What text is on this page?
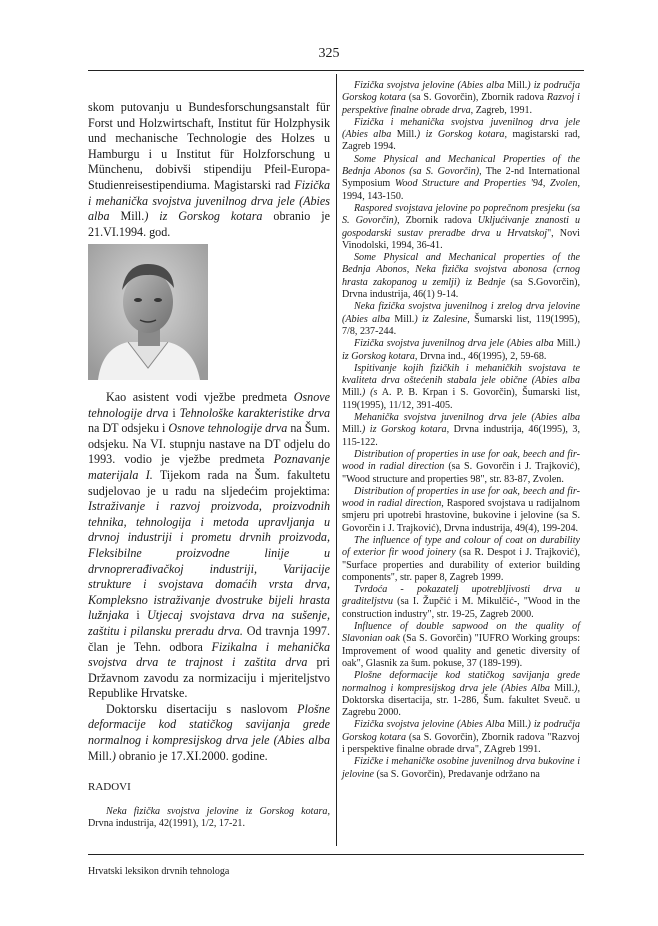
325

skom putovanju u Bundesforschungsanstalt für Forst und Holzwirtschaft, Institut für Holzphysik und mechanische Technologie des Holzes u Hamburgu i u Institut für Holzforschung u Münchenu, dobivši stipendiju Pfeil-Europa-Studienreisestipendiuma. Magistarski rad Fizička i mehanička svojstva juvenilnog drva jele (Abies alba Mill.) iz Gorskog kotara obranio je 21.VI.1994. god.

Kao asistent vodi vježbe predmeta Osnove tehnologije drva i Tehnološke karakteristike drva na DT odsjeku i Osnove tehnologije drva na Šum. odsjeku. Na VI. stupnju nastave na DT odjelu do 1993. vodio je vježbe predmeta Poznavanje materijala I. Tijekom rada na Šum. fakultetu sudjelovao je u radu na sljedećim projektima: Istraživanje i razvoj proizvoda, proizvodnih tehnika, tehnologija i metoda upravljanja u drvnoj industriji i prometu drvnih proizvoda, Fleksibilne proizvodne linije u drvnoprerađivačkoj industriji, Varijacije strukture i svojstava domaćih vrsta drva, Kompleksno istraživanje dvostruke bijeli hrasta lužnjaka i Utjecaj svojstava drva na sušenje, zaštitu i pilansku preradu drva. Od travnja 1997. član je Tehn. odbora Fizikalna i mehanička svojstva drva te trajnost i zaštita drva pri Državnom zavodu za normizaciju i mjeriteljstvo Republike Hrvatske.

Doktorsku disertaciju s naslovom Plošne deformacije kod statičkog savijanja grede normalnog i kompresijskog drva jele (Abies alba Mill.) obranio je 17.XI.2000. godine.

RADOVI

Neka fizička svojstva jelovine iz Gorskog kotara, Drvna industrija, 42(1991), 1/2, 17-21.

Fizička svojstva jelovine (Abies alba Mill.) iz područja Gorskog kotara (sa S. Govorčin), Zbornik radova Razvoj i perspektive finalne obrade drva, Zagreb, 1991.

Fizička i mehanička svojstva juvenilnog drva jele (Abies alba Mill.) iz Gorskog kotara, magistarski rad, Zagreb 1994.

Some Physical and Mechanical Properties of the Bednja Abonos (sa S. Govorčin), The 2-nd International Symposium Wood Structure and Properties '94, Zvolen, 1994, 143-150.

Raspored svojstava jelovine po poprečnom presjeku (sa S. Govorčin), Zbornik radova Ukljućivanje znanosti u gospodarski sustav preradbe drva u Hrvatskoj", Novi Vinodolski, 1994, 36-41.

Some Physical and Mechanical properties of the Bednja Abonos, Neka fizička svojstva abonosa (crnog hrasta zakopanog u zemlji) iz Bednje (sa S.Govorčin), Drvna industrija, 46(1) 9-14.

Neka fizička svojstva juvenilnog i zrelog drva jelovine (Abies alba Mill.) iz Zalesine, Šumarski list, 119(1995), 7/8, 237-244.

Fizička svojstva juvenilnog drva jele (Abies alba Mill.) iz Gorskog kotara, Drvna ind., 46(1995), 2, 59-68.

Ispitivanje kojih fizičkih i mehaničkih svojstava te kvaliteta drva oštećenih stabala jele obične (Abies alba Mill.) (s A. P. B. Krpan i S. Govorčin), Šumarski list, 119(1995), 11/12, 391-405.

Mehanička svojstva juvenilnog drva jele (Abies alba Mill.) iz Gorskog kotara, Drvna industrija, 46(1995), 3, 115-122.

Distribution of properties in use for oak, beech and fir-wood in radial direction (sa S. Govorčin i J. Trajković), "Wood structure and properties 98", str. 83-87, Zvolen.

Distribution of properties in use for oak, beech and fir-wood in radial direction, Raspored svojstava u radijalnom smjeru pri upotrebi hrastovine, bukovine i jelovine (sa S. Govorčin i J. Trajković), Drvna industrija, 49(4), 199-204.

The influence of type and colour of coat on durability of exterior fir wood joinery (sa R. Despot i J. Trajković), "Surface properties and durability of exterior building components", str. paper 8, Zagreb 1999.

Tvrdoća - pokazatelj upotrebljivosti drva u graditeljstvu (sa I. Župčić i M. Mikulčić-, "Wood in the construction industry", str. 19-25, Zagreb 2000.

Influence of double sapwood on the quality of Slavonian oak (Sa S. Govorčin) "IUFRO Working groups: Improvement of wood quality and genetic diversity of oak", Glasnik za šum. pokuse, 37 (189-199).

Plošne deformacije kod statičkog savijanja grede normalnog i kompresijskog drva jele (Abies Alba Mill.), Doktorska disertacija, str. 1-286, Šum. fakultet Sveuč. u Zagrebu 2000.

Fizička svojstva jelovine (Abies Alba Mill.) iz područja Gorskog kotara (sa S. Govorčin), Zbornik radova "Razvoj i perspektive finalne obrade drva", ZAgreb 1991.

Fizičke i mehaničke osobine juvenilnog drva bukovine i jelovine (sa S. Govorčin), Predavanje održano na

Hrvatski leksikon drvnih tehnologa
